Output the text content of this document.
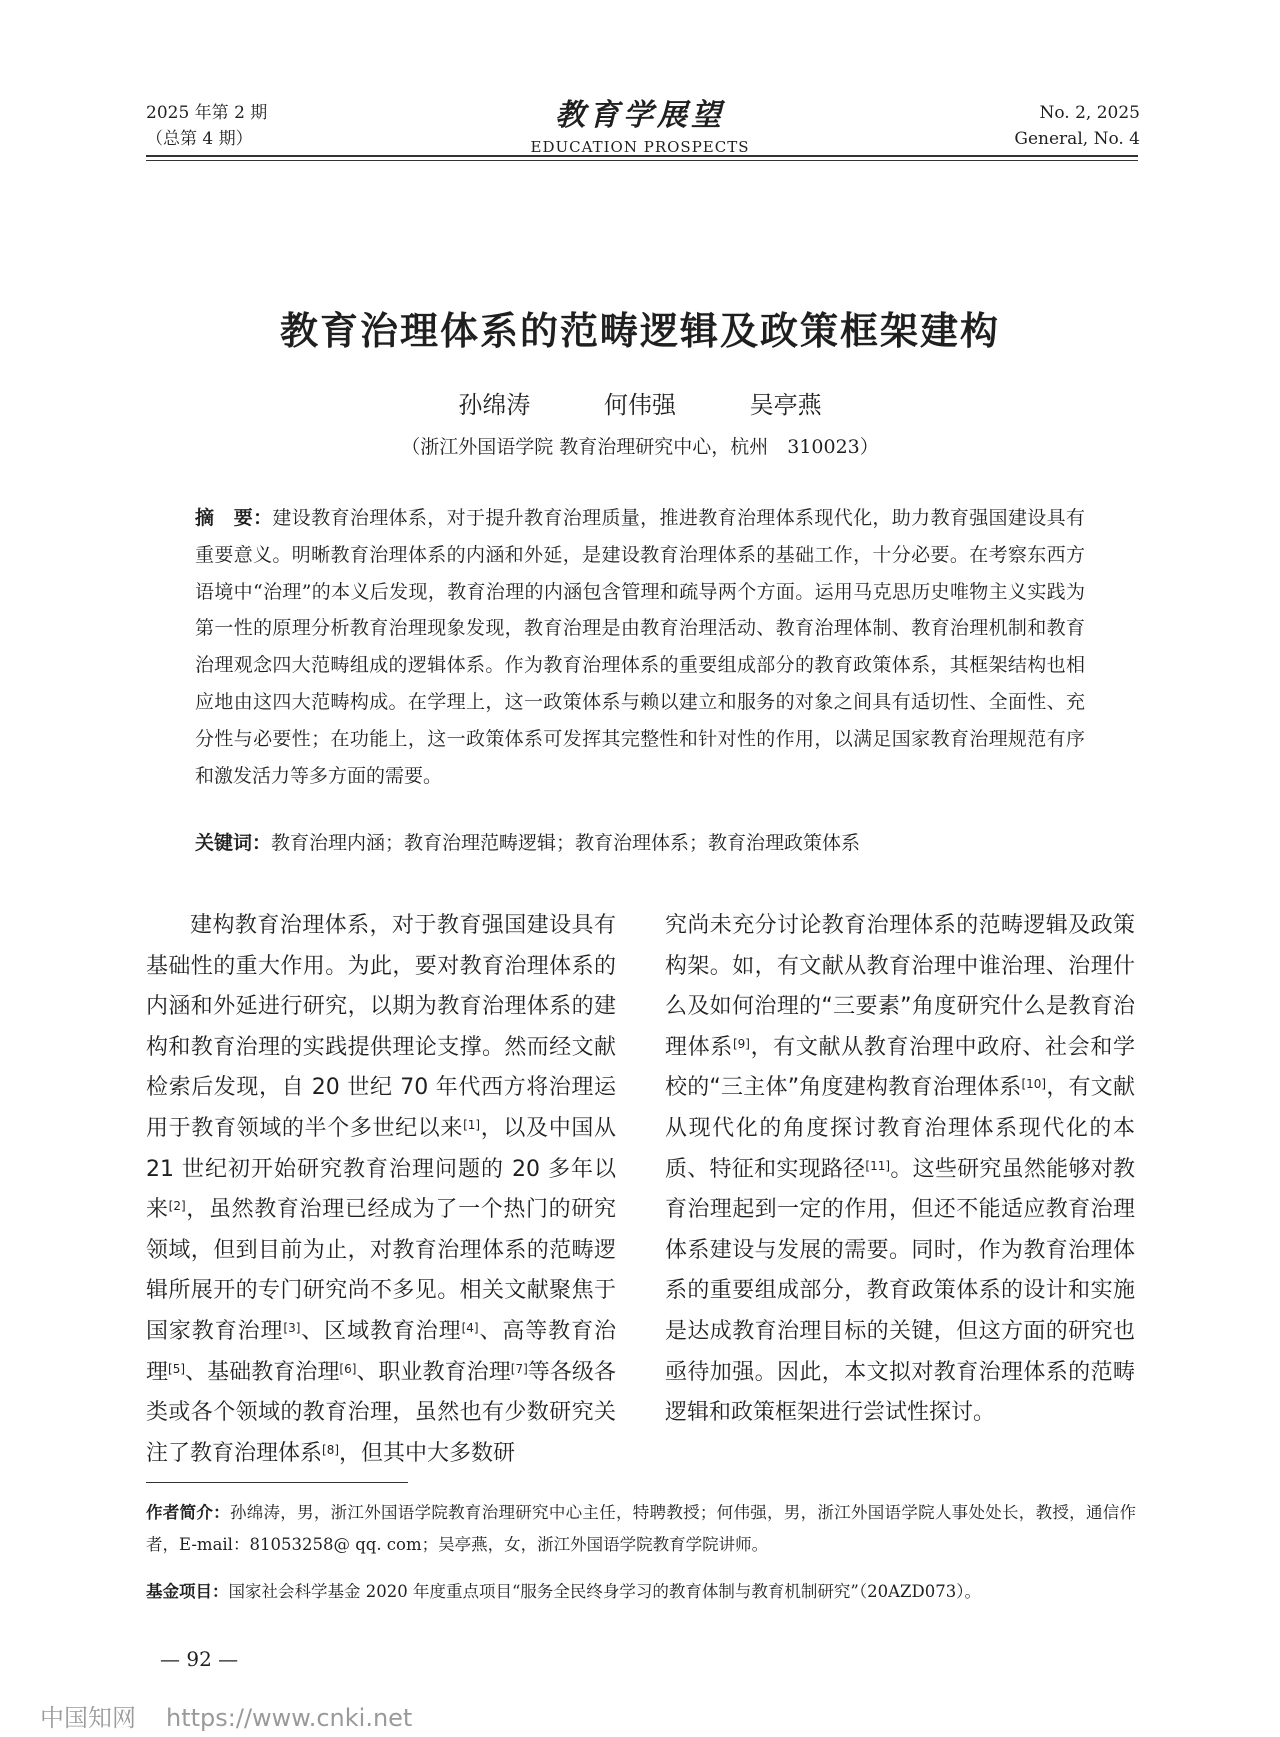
2025 年第 2 期
（总第 4 期）
教育学展望
EDUCATION PROSPECTS
No. 2, 2025
General, No. 4
教育治理体系的范畴逻辑及政策框架建构
孙绵涛	何伟强	吴亭燕
（浙江外国语学院 教育治理研究中心，杭州　310023）
摘　要：建设教育治理体系，对于提升教育治理质量，推进教育治理体系现代化，助力教育强国建设具有重要意义。明晰教育治理体系的内涵和外延，是建设教育治理体系的基础工作，十分必要。在考察东西方语境中“治理”的本义后发现，教育治理的内涵包含管理和疏导两个方面。运用马克思历史唯物主义实践为第一性的原理分析教育治理现象发现，教育治理是由教育治理活动、教育治理体制、教育治理机制和教育治理观念四大范畴组成的逻辑体系。作为教育治理体系的重要组成部分的教育政策体系，其框架结构也相应地由这四大范畴构成。在学理上，这一政策体系与赖以建立和服务的对象之间具有适切性、全面性、充分性与必要性；在功能上，这一政策体系可发挥其完整性和针对性的作用，以满足国家教育治理规范有序和激发活力等多方面的需要。
关键词：教育治理内涵；教育治理范畴逻辑；教育治理体系；教育治理政策体系
建构教育治理体系，对于教育强国建设具有基础性的重大作用。为此，要对教育治理体系的内涵和外延进行研究，以期为教育治理体系的建构和教育治理的实践提供理论支撑。然而经文献检索后发现，自 20 世纪 70 年代西方将治理运用于教育领域的半个多世纪以来[1]，以及中国从 21 世纪初开始研究教育治理问题的 20 多年以来[2]，虽然教育治理已经成为了一个热门的研究领域，但到目前为止，对教育治理体系的范畴逻辑所展开的专门研究尚不多见。相关文献聚焦于国家教育治理[3]、区域教育治理[4]、高等教育治理[5]、基础教育治理[6]、职业教育治理[7]等各级各类或各个领域的教育治理，虽然也有少数研究关注了教育治理体系[8]，但其中大多数研
究尚未充分讨论教育治理体系的范畴逻辑及政策构架。如，有文献从教育治理中谁治理、治理什么及如何治理的“三要素”角度研究什么是教育治理体系[9]，有文献从教育治理中政府、社会和学校的“三主体”角度建构教育治理体系[10]，有文献从现代化的角度探讨教育治理体系现代化的本质、特征和实现路径[11]。这些研究虽然能够对教育治理起到一定的作用，但还不能适应教育治理体系建设与发展的需要。同时，作为教育治理体系的重要组成部分，教育政策体系的设计和实施是达成教育治理目标的关键，但这方面的研究也亟待加强。因此，本文拟对教育治理体系的范畴逻辑和政策框架进行尝试性探讨。
作者简介：孙绵涛，男，浙江外国语学院教育治理研究中心主任，特聘教授；何伟强，男，浙江外国语学院人事处处长，教授，通信作者，E-mail：81053258@ qq. com；吴亭燕，女，浙江外国语学院教育学院讲师。
基金项目：国家社会科学基金 2020 年度重点项目“服务全民终身学习的教育体制与教育机制研究”（20AZD073）。
— 92 —
中国知网 https://www.cnki.net
